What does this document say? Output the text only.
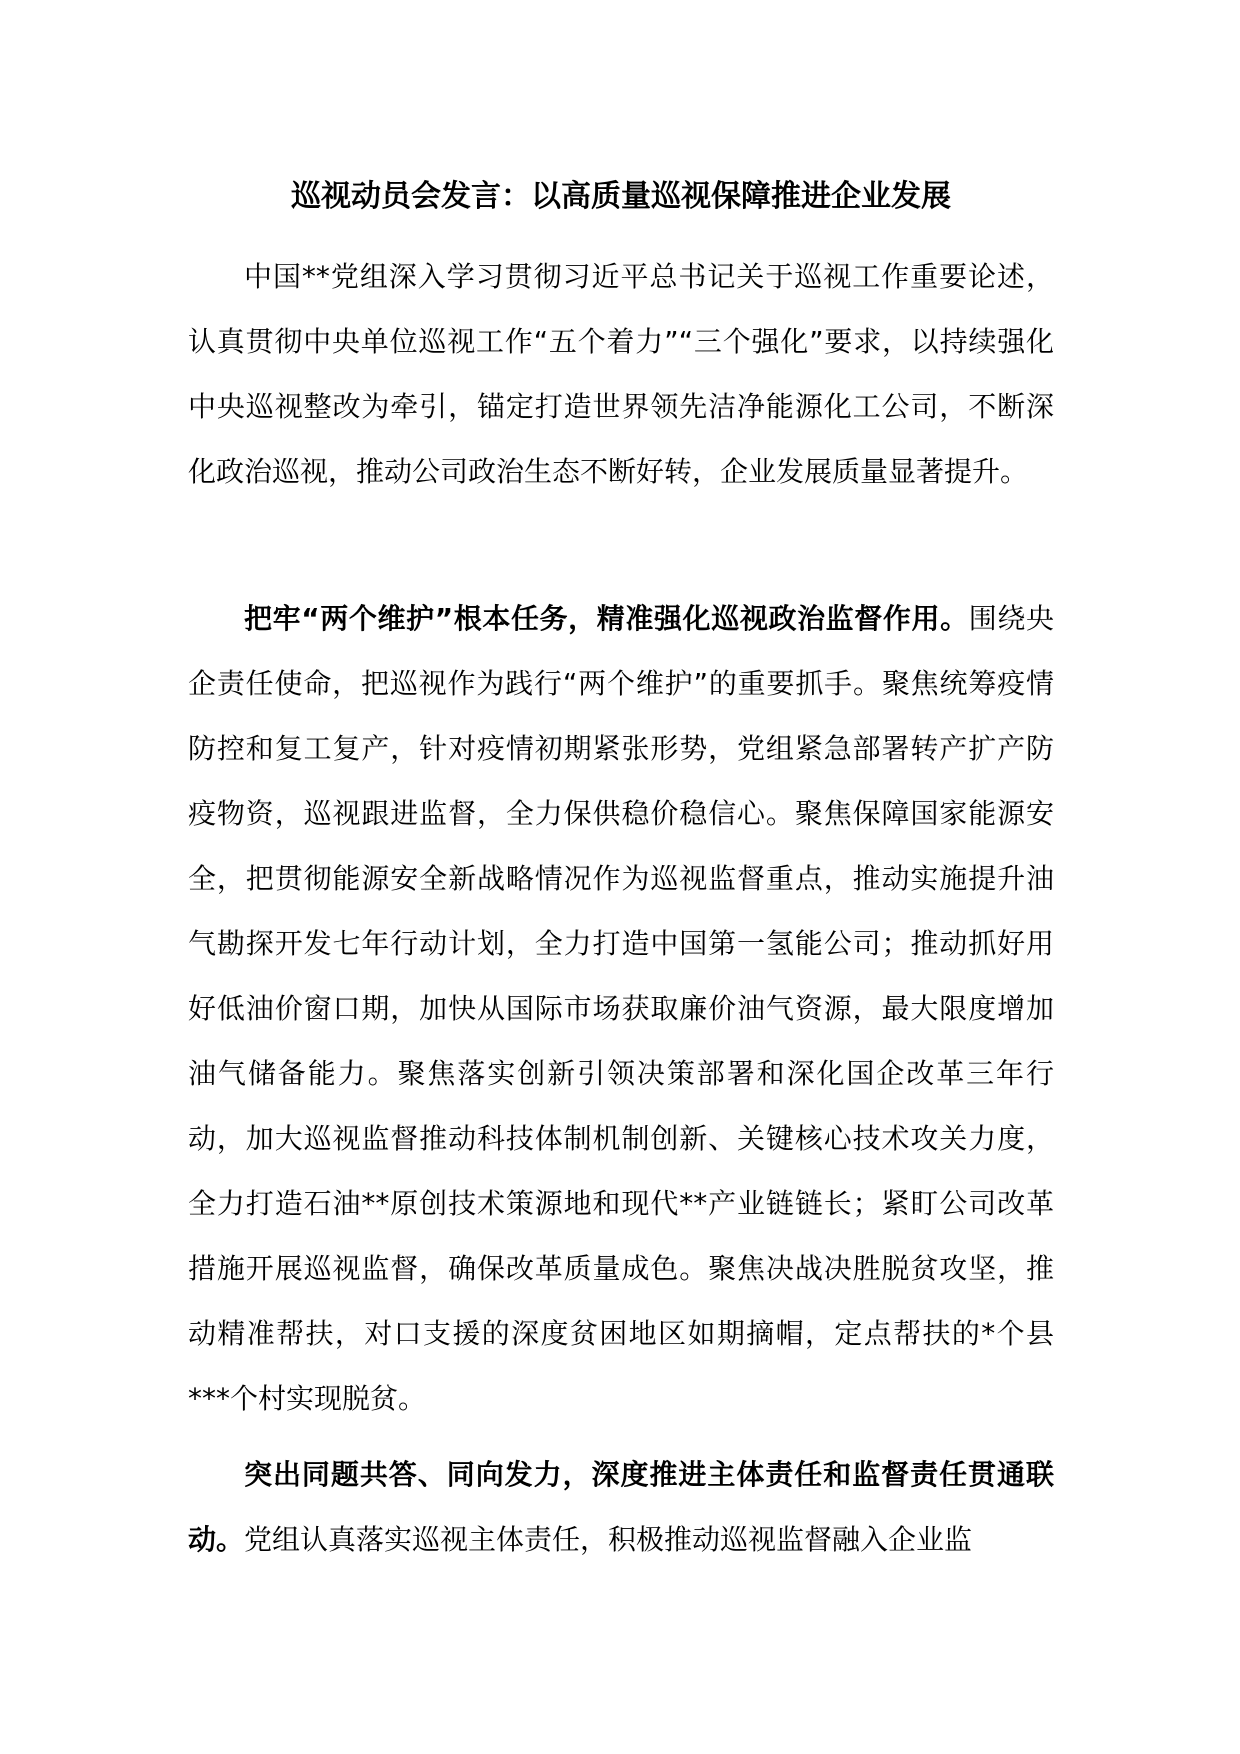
巡视动员会发言：以高质量巡视保障推进企业发展

中国**党组深入学习贯彻习近平总书记关于巡视工作重要论述，认真贯彻中央单位巡视工作“五个着力”“三个强化”要求，以持续强化中央巡视整改为牵引，锚定打造世界领先洁净能源化工公司，不断深化政治巡视，推动公司政治生态不断好转，企业发展质量显著提升。

把牢“两个维护”根本任务，精准强化巡视政治监督作用。围绕央企责任使命，把巡视作为践行“两个维护”的重要抓手。聚焦统筹疫情防控和复工复产，针对疫情初期紧张形势，党组紧急部署转产扩产防疫物资，巡视跟进监督，全力保供稳价稳信心。聚焦保障国家能源安全，把贯彻能源安全新战略情况作为巡视监督重点，推动实施提升油气勘探开发七年行动计划，全力打造中国第一氢能公司；推动抓好用好低油价窗口期，加快从国际市场获取廉价油气资源，最大限度增加油气储备能力。聚焦落实创新引领决策部署和深化国企改革三年行动，加大巡视监督推动科技体制机制创新、关键核心技术攻关力度，全力打造石油**原创技术策源地和现代**产业链链长；紧盯公司改革措施开展巡视监督，确保改革质量成色。聚焦决战决胜脱贫攻坚，推动精准帮扶，对口支援的深度贫困地区如期摘帽，定点帮扶的*个县***个村实现脱贫。

突出同题共答、同向发力，深度推进主体责任和监督责任贯通联动。党组认真落实巡视主体责任，积极推动巡视监督融入企业监
